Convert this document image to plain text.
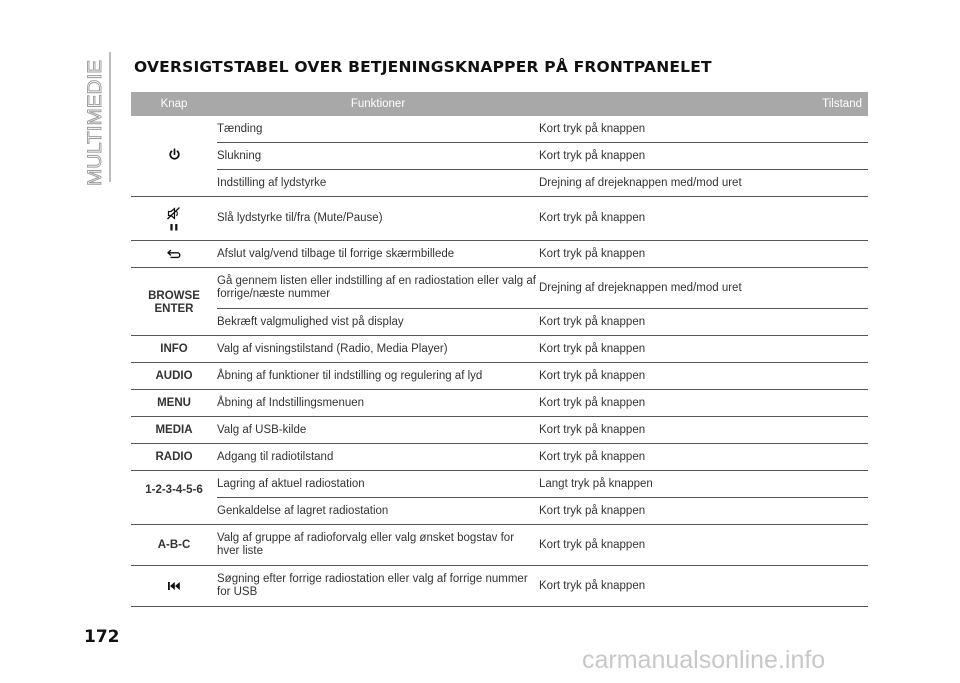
MULTIMEDIE
OVERSIGTSTABEL OVER BETJENINGSKNAPPER PÅ FRONTPANELET
Knap	Funktioner	Tilstand

	Tænding	Kort tryk på knappen
	Slukning	Kort tryk på knappen
	Indstilling af lydstyrke	Drejning af drejeknappen med/mod uret

	Slå lydstyrke til/fra (Mute/Pause)	Kort tryk på knappen

	Afslut valg/vend tilbage til forrige skærmbillede	Kort tryk på knappen

BROWSE
ENTER	Gå gennem listen eller indstilling af en radiostation eller valg af forrige/næste nummer	Drejning af drejeknappen med/mod uret
	Bekræft valgmulighed vist på display	Kort tryk på knappen
INFO	Valg af visningstilstand (Radio, Media Player)	Kort tryk på knappen
AUDIO	Åbning af funktioner til indstilling og regulering af lyd	Kort tryk på knappen
MENU	Åbning af Indstillingsmenuen	Kort tryk på knappen
MEDIA	Valg af USB-kilde	Kort tryk på knappen
RADIO	Adgang til radiotilstand	Kort tryk på knappen
1-2-3-4-5-6	Lagring af aktuel radiostation	Langt tryk på knappen
	Genkaldelse af lagret radiostation	Kort tryk på knappen
A-B-C	Valg af gruppe af radioforvalg eller valg ønsket bogstav for hver liste	Kort tryk på knappen

	Søgning efter forrige radiostation eller valg af forrige nummer for USB	Kort tryk på knappen
172
carmanualsonline.info
